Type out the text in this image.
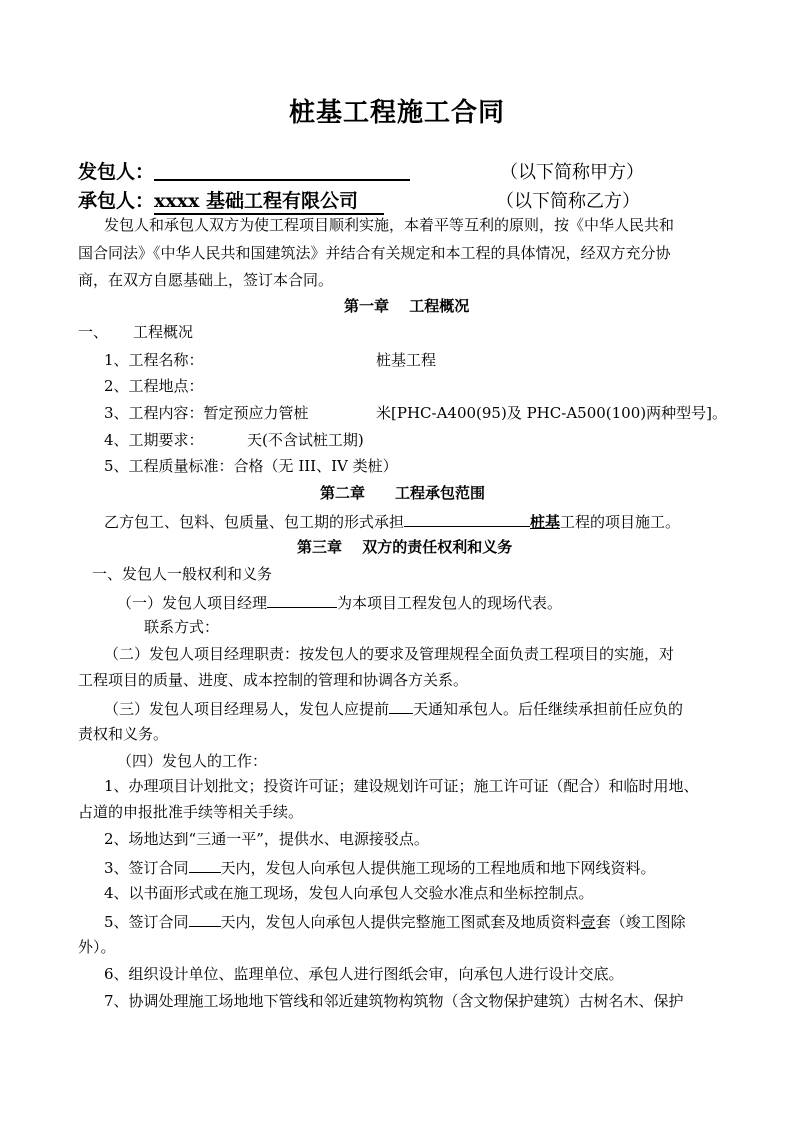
桩基工程施工合同
发包人：	（以下简称甲方）
承包人：xxxx 基础工程有限公司	（以下简称乙方）
发包人和承包人双方为使工程项目顺利实施，本着平等互利的原则，按《中华人民共和
国合同法》《中华人民共和国建筑法》并结合有关规定和本工程的具体情况，经双方充分协
商，在双方自愿基础上，签订本合同。
第一章　 工程概况
一、 工程概况
1、工程名称：	桩基工程
2、工程地点：
3、工程内容：暂定预应力管桩	米[PHC-A400(95)及 PHC-A500(100)两种型号]。
4、工期要求：	天(不含试桩工期)
5、工程质量标准：合格（无 III、IV 类桩）
第二章　　工程承包范围
乙方包工、包料、包质量、包工期的形式承担	桩基工程的项目施工。
第三章　 双方的责任权利和义务
一、发包人一般权利和义务
（一）发包人项目经理	为本项目工程发包人的现场代表。
联系方式：
（二）发包人项目经理职责：按发包人的要求及管理规程全面负责工程项目的实施，对
工程项目的质量、进度、成本控制的管理和协调各方关系。
（三）发包人项目经理易人，发包人应提前 天通知承包人。后任继续承担前任应负的
责权和义务。
（四）发包人的工作：
1、办理项目计划批文；投资许可证；建设规划许可证；施工许可证（配合）和临时用地、
占道的申报批准手续等相关手续。
2、场地达到“三通一平”，提供水、电源接驳点。
3、签订合同 天内，发包人向承包人提供施工现场的工程地质和地下网线资料。
4、以书面形式或在施工现场，发包人向承包人交验水准点和坐标控制点。
5、签订合同 天内，发包人向承包人提供完整施工图贰套及地质资料壹套（竣工图除
外）。
6、组织设计单位、监理单位、承包人进行图纸会审，向承包人进行设计交底。
7、协调处理施工场地地下管线和邻近建筑物构筑物（含文物保护建筑）古树名木、保护
